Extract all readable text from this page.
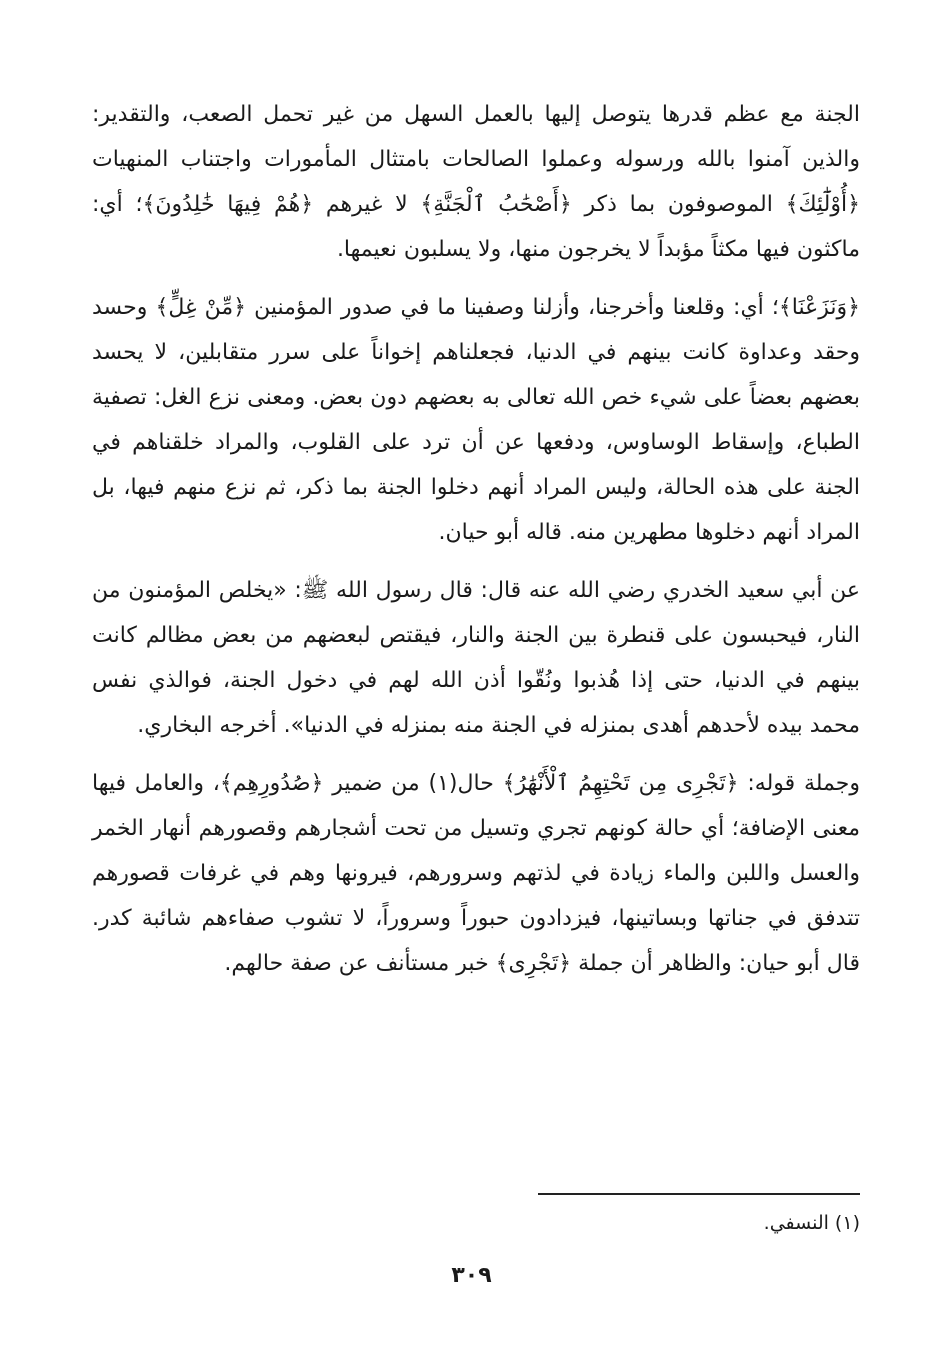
الجنة مع عظم قدرها يتوصل إليها بالعمل السهل من غير تحمل الصعب، والتقدير: والذين آمنوا بالله ورسوله وعملوا الصالحات بامتثال المأمورات واجتناب المنهيات ﴿أُوْلَٰٓئِكَ﴾ الموصوفون بما ذكر ﴿أَصْحَٰبُ ٱلْجَنَّةِ﴾ لا غيرهم ﴿هُمْ فِيهَا خَٰلِدُونَ﴾؛ أي: ماكثون فيها مكثاً مؤبداً لا يخرجون منها، ولا يسلبون نعيمها.

﴿وَنَزَعْنَا﴾؛ أي: وقلعنا وأخرجنا، وأزلنا وصفينا ما في صدور المؤمنين ﴿مِّنْ غِلٍّ﴾ وحسد وحقد وعداوة كانت بينهم في الدنيا، فجعلناهم إخواناً على سرر متقابلين، لا يحسد بعضهم بعضاً على شيء خص الله تعالى به بعضهم دون بعض. ومعنى نزع الغل: تصفية الطباع، وإسقاط الوساوس، ودفعها عن أن ترد على القلوب، والمراد خلقناهم في الجنة على هذه الحالة، وليس المراد أنهم دخلوا الجنة بما ذكر، ثم نزع منهم فيها، بل المراد أنهم دخلوها مطهرين منه. قاله أبو حيان.

عن أبي سعيد الخدري رضي الله عنه قال: قال رسول الله ﷺ: «يخلص المؤمنون من النار، فيحبسون على قنطرة بين الجنة والنار، فيقتص لبعضهم من بعض مظالم كانت بينهم في الدنيا، حتى إذا هُذبوا ونُقّوا أذن الله لهم في دخول الجنة، فوالذي نفس محمد بيده لأحدهم أهدى بمنزله في الجنة منه بمنزله في الدنيا». أخرجه البخاري.

وجملة قوله: ﴿تَجْرِى مِن تَحْتِهِمُ ٱلْأَنْهَٰرُ﴾ حال(١) من ضمير ﴿صُدُورِهِم﴾، والعامل فيها معنى الإضافة؛ أي حالة كونهم تجري وتسيل من تحت أشجارهم وقصورهم أنهار الخمر والعسل واللبن والماء زيادة في لذتهم وسرورهم، فيرونها وهم في غرفات قصورهم تتدفق في جناتها وبساتينها، فيزدادون حبوراً وسروراً، لا تشوب صفاءهم شائبة كدر. قال أبو حيان: والظاهر أن جملة ﴿تَجْرِى﴾ خبر مستأنف عن صفة حالهم.

(١) النسفي.

٣٠٩
